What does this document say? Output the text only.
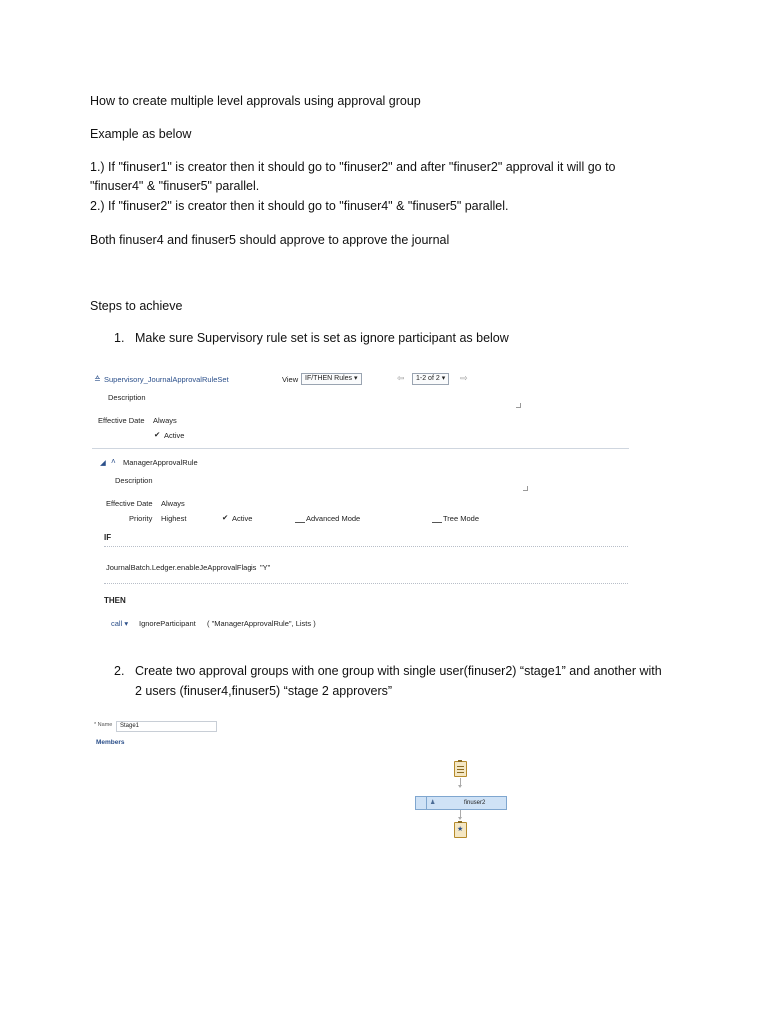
How to create multiple level approvals using approval group

Example as below

1.) If "finuser1" is creator then it should go to "finuser2" and after "finuser2" approval it will go to

"finuser4" & "finuser5" parallel.

2.) If "finuser2" is creator then it should go to "finuser4" & "finuser5" parallel.

Both finuser4 and finuser5 should approve to approve the journal

Steps to achieve

1. Make sure Supervisory rule set is set as ignore participant as below
≙ Supervisory_JournalApprovalRuleSet	View IF/THEN Rules ▾	⇦	1-2 of 2 ▾	⇨
Description
Effective Date Always
✔ Active
◢ ˄ ManagerApprovalRule
Description
Effective Date Always
Priority Highest	✔ Active	Advanced Mode	Tree Mode
IF
JournalBatch.Ledger.enableJeApprovalFlag is "Y"
THEN
call ▾ IgnoreParticipant ( "ManagerApprovalRule", Lists )
2. Create two approval groups with one group with single user(finuser2) “stage1” and another with
2 users (finuser4,finuser5) “stage 2 approvers”
* Name	Stage1
Members
♟	finuser2
★
